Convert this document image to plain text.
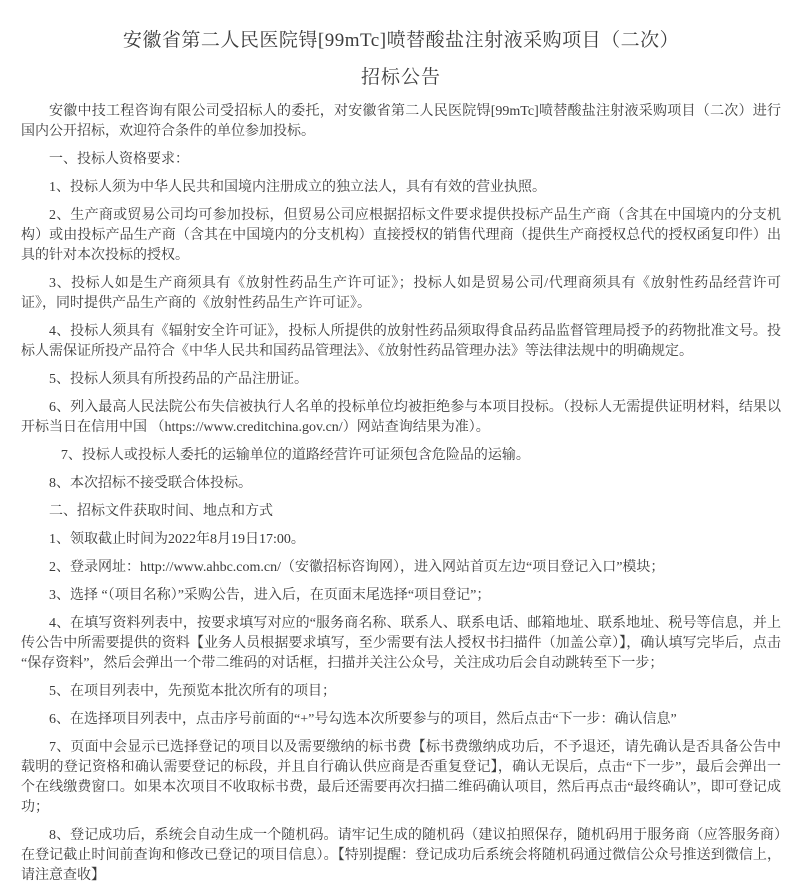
安徽省第二人民医院锝[99mTc]喷替酸盐注射液采购项目（二次）
招标公告

安徽中技工程咨询有限公司受招标人的委托，对安徽省第二人民医院锝[99mTc]喷替酸盐注射液采购项目（二次）进行国内公开招标，欢迎符合条件的单位参加投标。

一、投标人资格要求：

1、投标人须为中华人民共和国境内注册成立的独立法人，具有有效的营业执照。

2、生产商或贸易公司均可参加投标，但贸易公司应根据招标文件要求提供投标产品生产商（含其在中国境内的分支机构）或由投标产品生产商（含其在中国境内的分支机构）直接授权的销售代理商（提供生产商授权总代的授权函复印件）出具的针对本次投标的授权。

3、投标人如是生产商须具有《放射性药品生产许可证》；投标人如是贸易公司/代理商须具有《放射性药品经营许可证》，同时提供产品生产商的《放射性药品生产许可证》。

4、投标人须具有《辐射安全许可证》，投标人所提供的放射性药品须取得食品药品监督管理局授予的药物批准文号。投标人需保证所投产品符合《中华人民共和国药品管理法》、《放射性药品管理办法》等法律法规中的明确规定。

5、投标人须具有所投药品的产品注册证。

6、列入最高人民法院公布失信被执行人名单的投标单位均被拒绝参与本项目投标。（投标人无需提供证明材料，结果以开标当日在信用中国 （https://www.creditchina.gov.cn/）网站查询结果为准）。

7、投标人或投标人委托的运输单位的道路经营许可证须包含危险品的运输。

8、本次招标不接受联合体投标。

二、招标文件获取时间、地点和方式

1、领取截止时间为2022年8月19日17:00。

2、登录网址：http://www.ahbc.com.cn/（安徽招标咨询网），进入网站首页左边“项目登记入口”模块；

3、选择 “（项目名称）”采购公告，进入后，在页面末尾选择“项目登记”；

4、在填写资料列表中，按要求填写对应的“服务商名称、联系人、联系电话、邮箱地址、联系地址、税号等信息，并上传公告中所需要提供的资料【业务人员根据要求填写，至少需要有法人授权书扫描件（加盖公章）】，确认填写完毕后，点击“保存资料”，然后会弹出一个带二维码的对话框，扫描并关注公众号，关注成功后会自动跳转至下一步；

5、在项目列表中，先预览本批次所有的项目；

6、在选择项目列表中，点击序号前面的“+”号勾选本次所要参与的项目，然后点击“下一步：确认信息”

7、页面中会显示已选择登记的项目以及需要缴纳的标书费【标书费缴纳成功后，不予退还，请先确认是否具备公告中载明的登记资格和确认需要登记的标段，并且自行确认供应商是否重复登记】，确认无误后，点击“下一步”，最后会弹出一个在线缴费窗口。如果本次项目不收取标书费，最后还需要再次扫描二维码确认项目，然后再点击“最终确认”，即可登记成功；

8、登记成功后，系统会自动生成一个随机码。请牢记生成的随机码（建议拍照保存，随机码用于服务商（应答服务商）在登记截止时间前查询和修改已登记的项目信息）。【特别提醒：登记成功后系统会将随机码通过微信公众号推送到微信上，请注意查收】
